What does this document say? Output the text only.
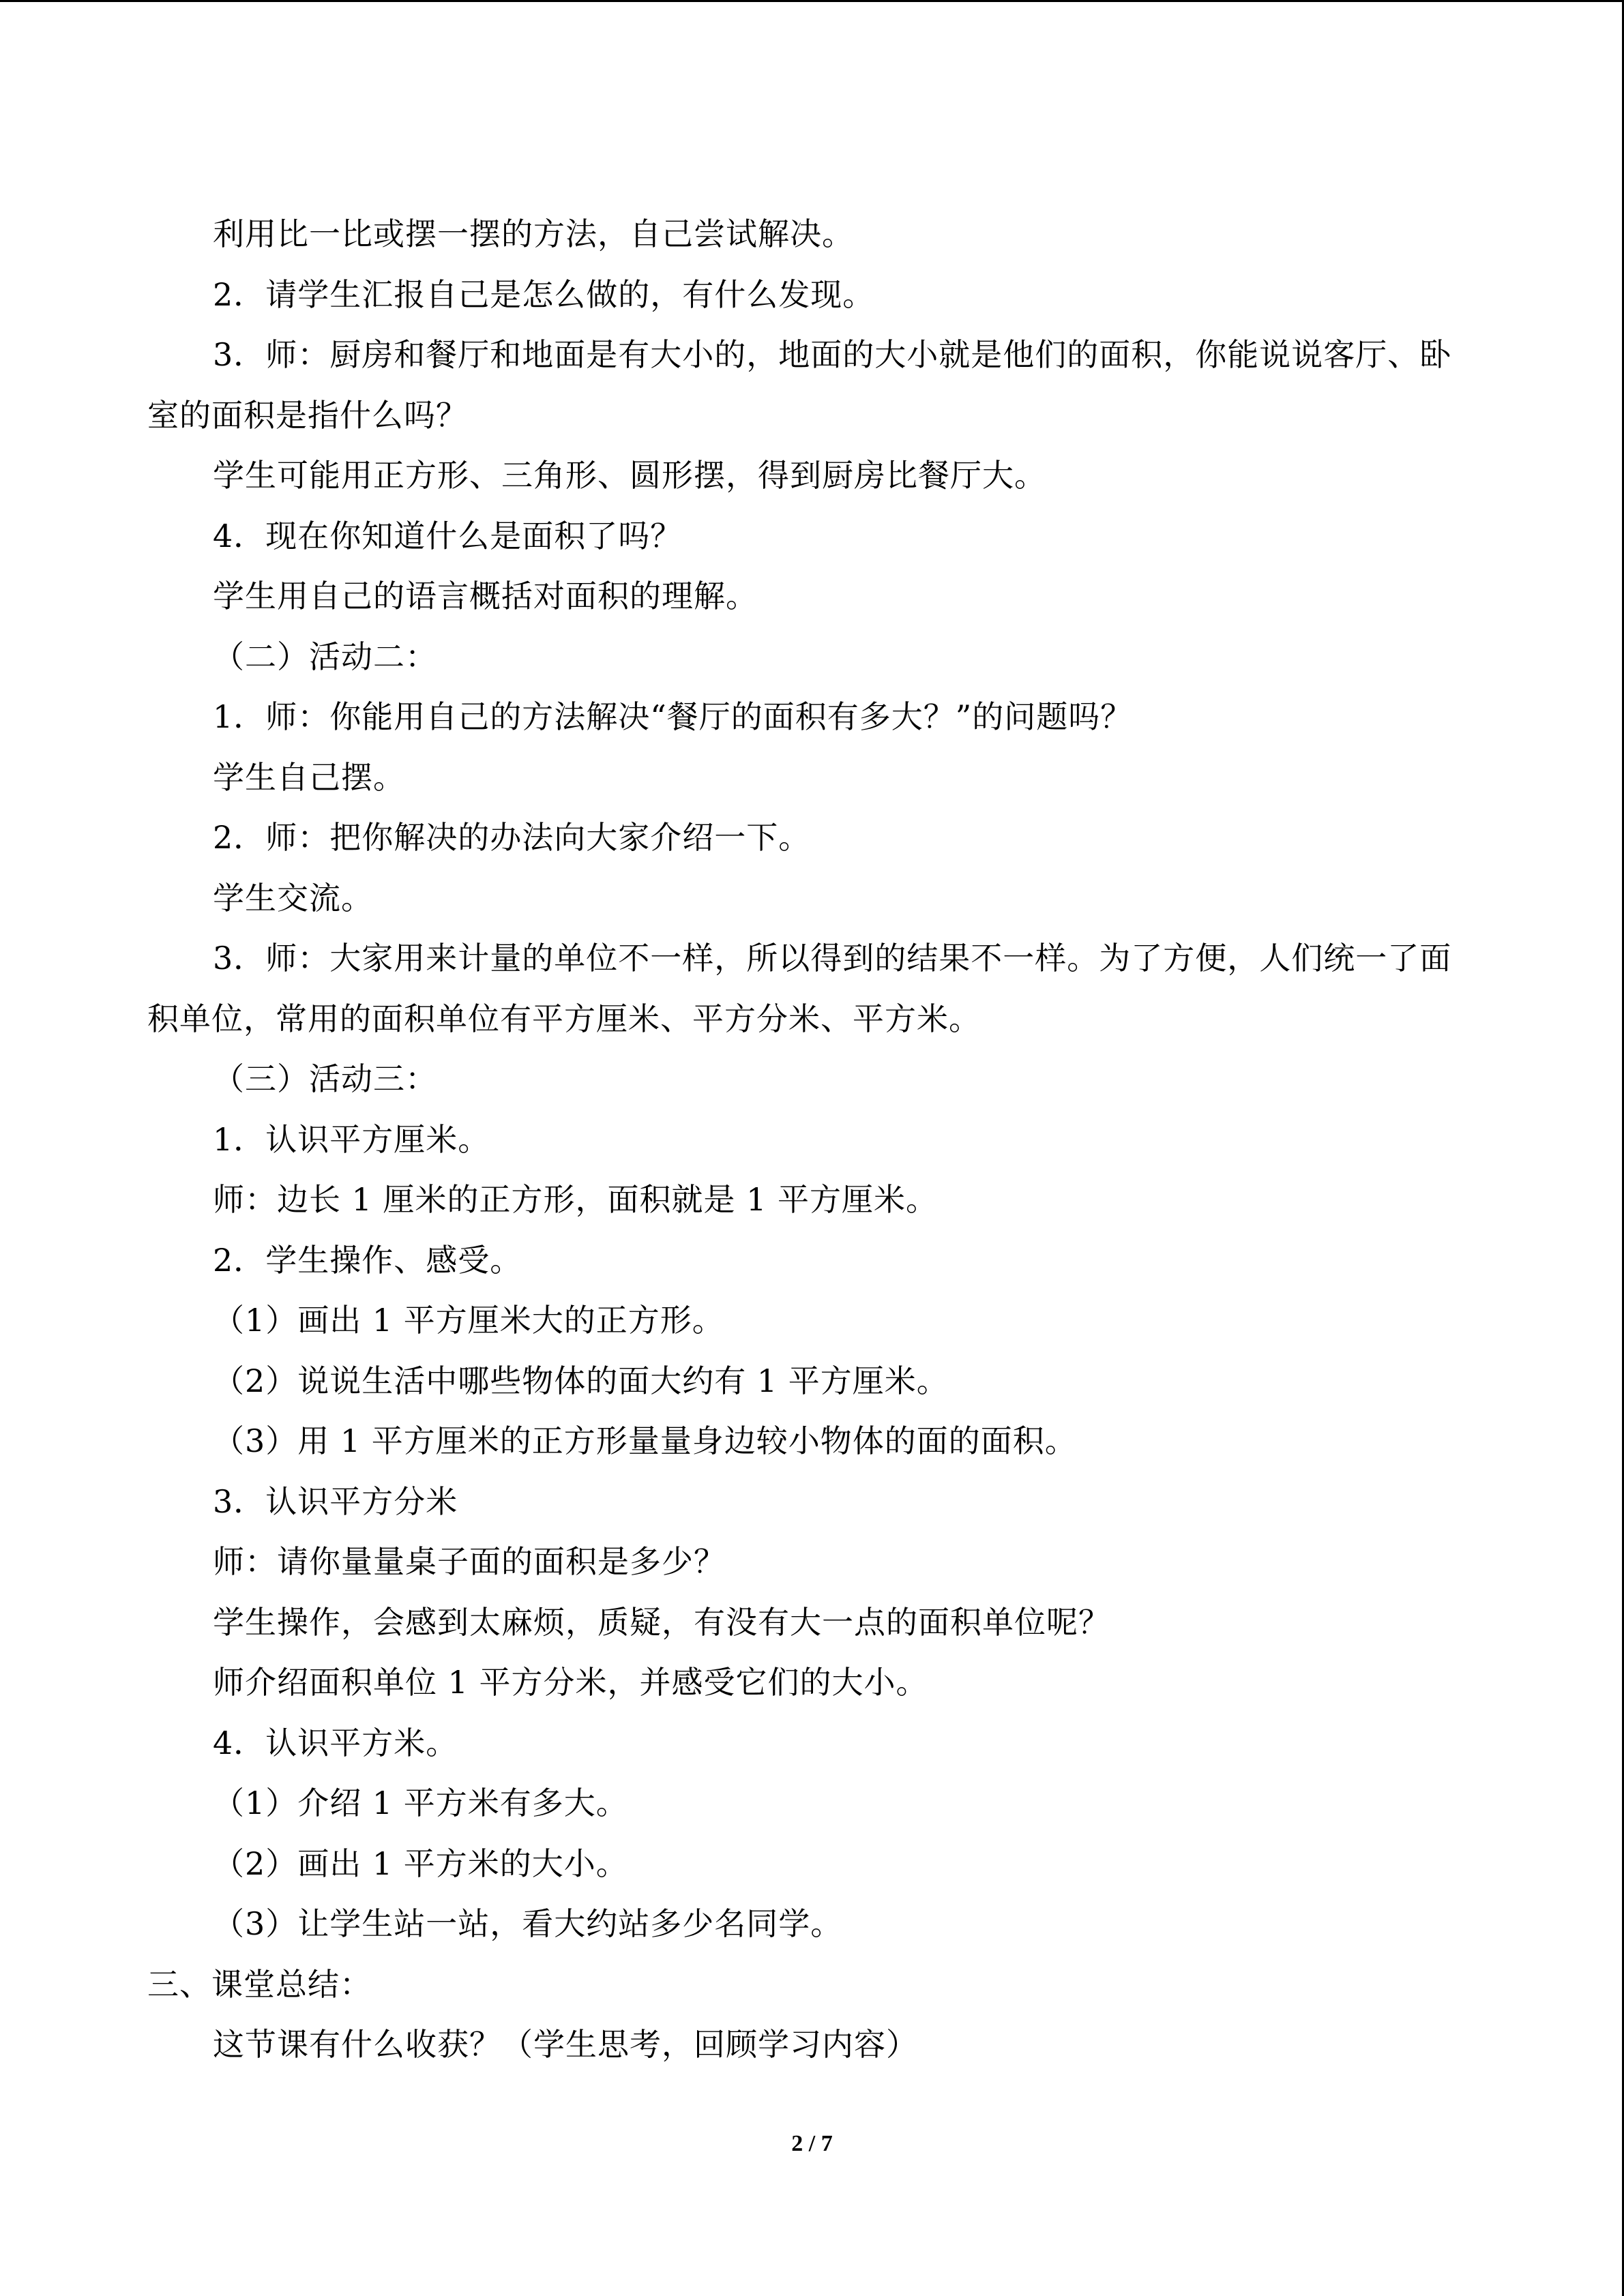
利用比一比或摆一摆的方法，自己尝试解决。
2．请学生汇报自己是怎么做的，有什么发现。
3．师：厨房和餐厅和地面是有大小的，地面的大小就是他们的面积，你能说说客厅、卧
室的面积是指什么吗？
学生可能用正方形、三角形、圆形摆，得到厨房比餐厅大。
4．现在你知道什么是面积了吗？
学生用自己的语言概括对面积的理解。
（二）活动二：
1．师：你能用自己的方法解决“餐厅的面积有多大？”的问题吗？
学生自己摆。
2．师：把你解决的办法向大家介绍一下。
学生交流。
3．师：大家用来计量的单位不一样，所以得到的结果不一样。为了方便，人们统一了面
积单位，常用的面积单位有平方厘米、平方分米、平方米。
（三）活动三：
1．认识平方厘米。
师：边长 1 厘米的正方形，面积就是 1 平方厘米。
2．学生操作、感受。
（1）画出 1 平方厘米大的正方形。
（2）说说生活中哪些物体的面大约有 1 平方厘米。
（3）用 1 平方厘米的正方形量量身边较小物体的面的面积。
3．认识平方分米
师：请你量量桌子面的面积是多少？
学生操作，会感到太麻烦，质疑，有没有大一点的面积单位呢？
师介绍面积单位 1 平方分米，并感受它们的大小。
4．认识平方米。
（1）介绍 1 平方米有多大。
（2）画出 1 平方米的大小。
（3）让学生站一站，看大约站多少名同学。
三、课堂总结：
这节课有什么收获？（学生思考，回顾学习内容）
2 / 7
